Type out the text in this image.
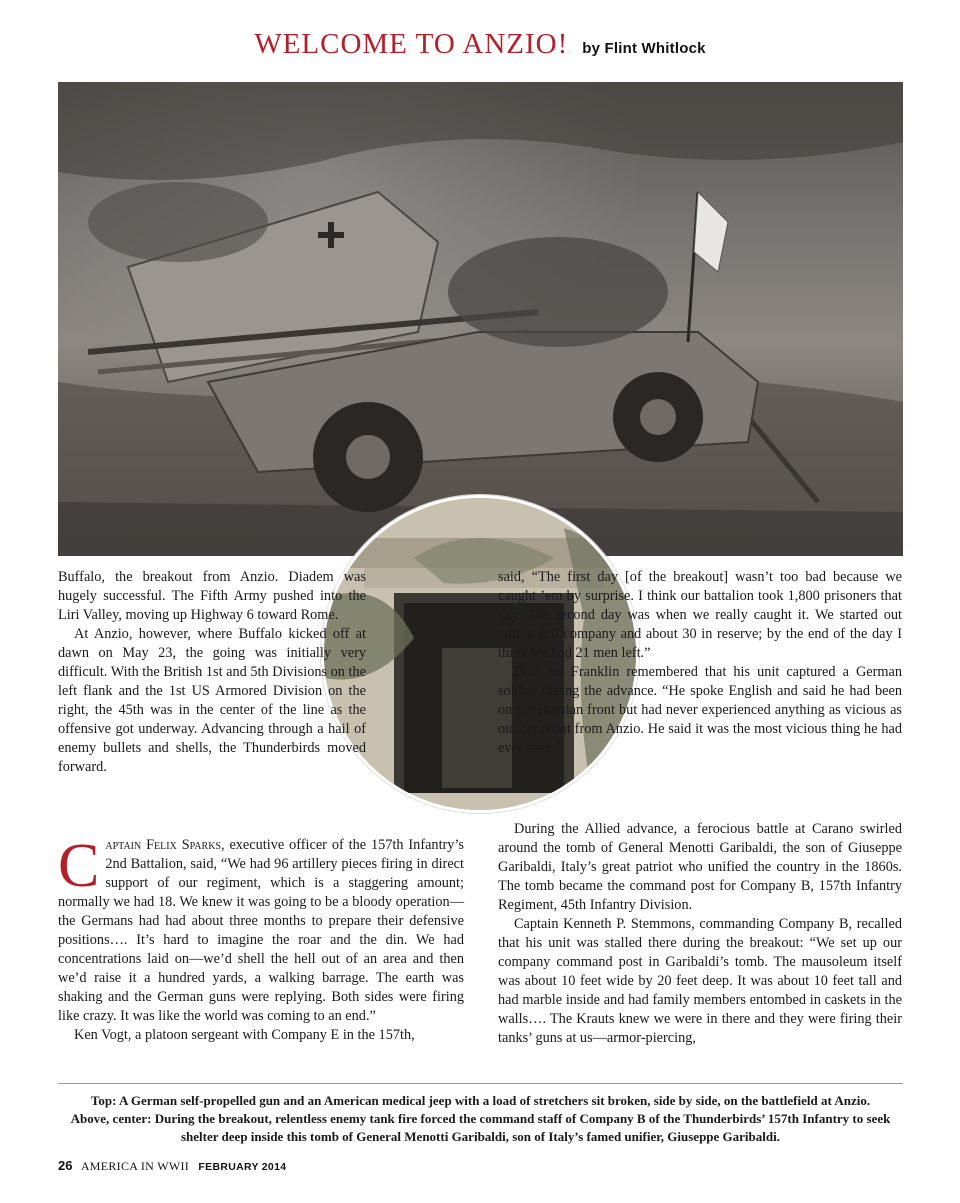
WELCOME TO ANZIO! by Flint Whitlock

Buffalo, the breakout from Anzio. Diadem was hugely successful. The Fifth Army pushed into the Liri Valley, moving up Highway 6 toward Rome.

At Anzio, however, where Buffalo kicked off at dawn on May 23, the going was initially very difficult. With the British 1st and 5th Divisions on the left flank and the 1st US Armored Division on the right, the 45th was in the center of the line as the offensive got underway. Advancing through a hail of enemy bullets and shells, the Thunderbirds moved forward.

said, “The first day [of the breakout] wasn’t too bad because we caught ’em by surprise. I think our battalion took 1,800 prisoners that day. The second day was when we really caught it. We started out with a full company and about 30 in reserve; by the end of the day I think we had 21 men left.”

Doc Joe Franklin remembered that his unit captured a German soldier during the advance. “He spoke English and said he had been on the Russian front but had never experienced anything as vicious as our breakout from Anzio. He said it was the most vicious thing he had ever seen.”

Captain Felix Sparks, executive officer of the 157th Infantry’s 2nd Battalion, said, “We had 96 artillery pieces firing in direct support of our regiment, which is a staggering amount; normally we had 18. We knew it was going to be a bloody operation—the Germans had had about three months to prepare their defensive positions…. It’s hard to imagine the roar and the din. We had concentrations laid on—we’d shell the hell out of an area and then we’d raise it a hundred yards, a walking barrage. The earth was shaking and the German guns were replying. Both sides were firing like crazy. It was like the world was coming to an end.”

Ken Vogt, a platoon sergeant with Company E in the 157th,

During the Allied advance, a ferocious battle at Carano swirled around the tomb of General Menotti Garibaldi, the son of Giuseppe Garibaldi, Italy’s great patriot who unified the country in the 1860s. The tomb became the command post for Company B, 157th Infantry Regiment, 45th Infantry Division.

Captain Kenneth P. Stemmons, commanding Company B, recalled that his unit was stalled there during the breakout: “We set up our company command post in Garibaldi’s tomb. The mausoleum itself was about 10 feet wide by 20 feet deep. It was about 10 feet tall and had marble inside and had family members entombed in caskets in the walls…. The Krauts knew we were in there and they were firing their tanks’ guns at us—armor-piercing,

Top: A German self-propelled gun and an American medical jeep with a load of stretchers sit broken, side by side, on the battlefield at Anzio.
Above, center: During the breakout, relentless enemy tank fire forced the command staff of Company B of the Thunderbirds’ 157th Infantry to seek shelter deep inside this tomb of General Menotti Garibaldi, son of Italy’s famed unifier, Giuseppe Garibaldi.
26 AMERICA IN WWII FEBRUARY 2014
